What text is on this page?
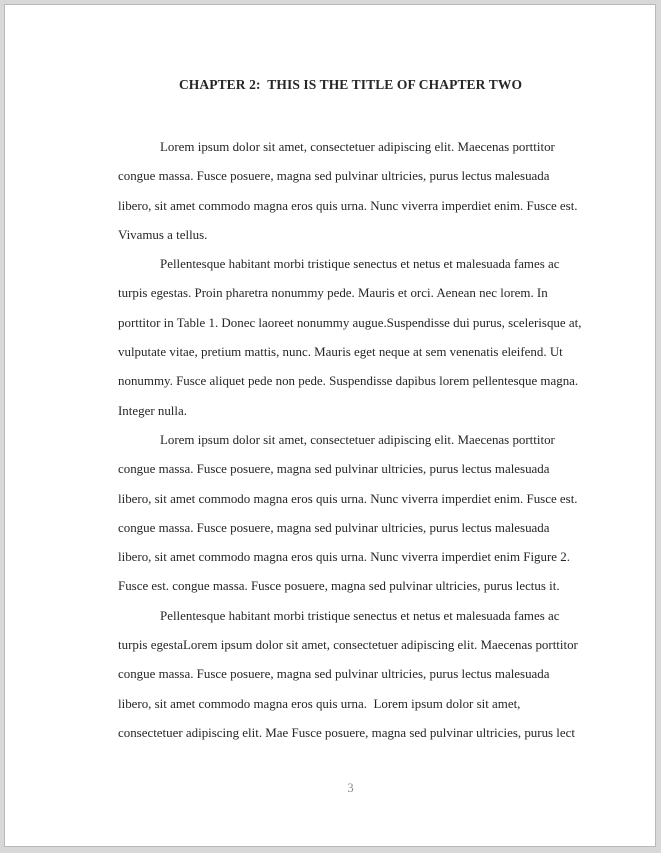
CHAPTER 2:  THIS IS THE TITLE OF CHAPTER TWO

Lorem ipsum dolor sit amet, consectetuer adipiscing elit. Maecenas porttitor congue massa. Fusce posuere, magna sed pulvinar ultricies, purus lectus malesuada libero, sit amet commodo magna eros quis urna. Nunc viverra imperdiet enim. Fusce est. Vivamus a tellus.

Pellentesque habitant morbi tristique senectus et netus et malesuada fames ac turpis egestas. Proin pharetra nonummy pede. Mauris et orci. Aenean nec lorem. In porttitor in Table 1. Donec laoreet nonummy augue.Suspendisse dui purus, scelerisque at, vulputate vitae, pretium mattis, nunc. Mauris eget neque at sem venenatis eleifend. Ut nonummy. Fusce aliquet pede non pede. Suspendisse dapibus lorem pellentesque magna. Integer nulla.

Lorem ipsum dolor sit amet, consectetuer adipiscing elit. Maecenas porttitor congue massa. Fusce posuere, magna sed pulvinar ultricies, purus lectus malesuada libero, sit amet commodo magna eros quis urna. Nunc viverra imperdiet enim. Fusce est. congue massa. Fusce posuere, magna sed pulvinar ultricies, purus lectus malesuada libero, sit amet commodo magna eros quis urna. Nunc viverra imperdiet enim Figure 2. Fusce est. congue massa. Fusce posuere, magna sed pulvinar ultricies, purus lectus it.

Pellentesque habitant morbi tristique senectus et netus et malesuada fames ac turpis egestaLorem ipsum dolor sit amet, consectetuer adipiscing elit. Maecenas porttitor congue massa. Fusce posuere, magna sed pulvinar ultricies, purus lectus malesuada libero, sit amet commodo magna eros quis urna.  Lorem ipsum dolor sit amet, consectetuer adipiscing elit. Mae Fusce posuere, magna sed pulvinar ultricies, purus lect

3
